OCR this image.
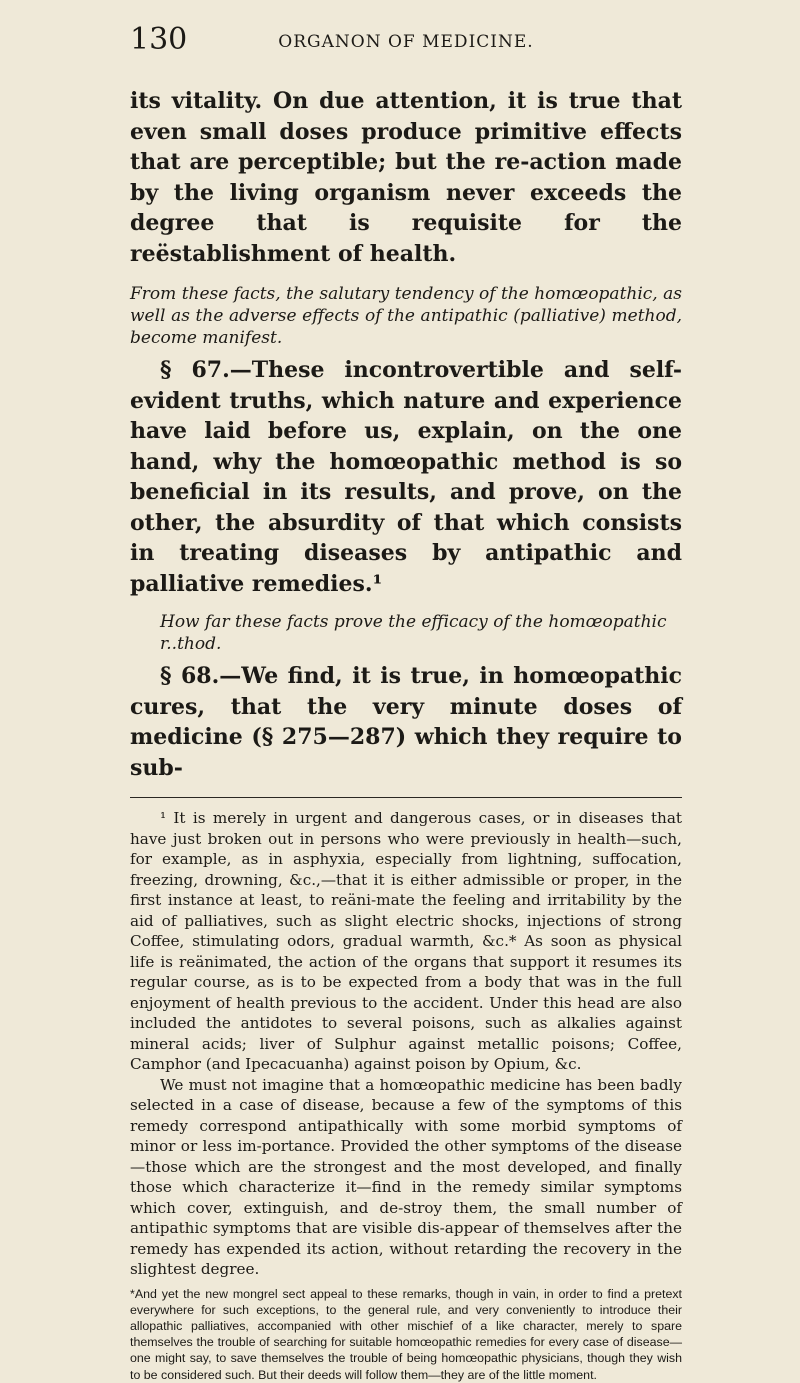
130	ORGANON OF MEDICINE.

its vitality. On due attention, it is true that even small doses produce primitive effects that are perceptible; but the re-action made by the living organism never exceeds the degree that is requisite for the reëstablishment of health.

From these facts, the salutary tendency of the homœopathic, as well as the adverse effects of the antipathic (palliative) method, become manifest.

§ 67.—These incontrovertible and self-evident truths, which nature and experience have laid before us, explain, on the one hand, why the homœopathic method is so beneficial in its results, and prove, on the other, the absurdity of that which consists in treating diseases by antipathic and palliative remedies.¹

How far these facts prove the efficacy of the homœopathic r..thod.

§ 68.—We find, it is true, in homœopathic cures, that the very minute doses of medicine (§ 275—287) which they require to sub-

¹ It is merely in urgent and dangerous cases, or in diseases that have just broken out in persons who were previously in health—such, for example, as in asphyxia, especially from lightning, suffocation, freezing, drowning, &c.,—that it is either admissible or proper, in the first instance at least, to reäni-mate the feeling and irritability by the aid of palliatives, such as slight electric shocks, injections of strong Coffee, stimulating odors, gradual warmth, &c.* As soon as physical life is reänimated, the action of the organs that support it resumes its regular course, as is to be expected from a body that was in the full enjoyment of health previous to the accident. Under this head are also included the antidotes to several poisons, such as alkalies against mineral acids; liver of Sulphur against metallic poisons; Coffee, Camphor (and Ipecacuanha) against poison by Opium, &c.

We must not imagine that a homœopathic medicine has been badly selected in a case of disease, because a few of the symptoms of this remedy correspond antipathically with some morbid symptoms of minor or less im-portance. Provided the other symptoms of the disease—those which are the strongest and the most developed, and finally those which characterize it—find in the remedy similar symptoms which cover, extinguish, and de-stroy them, the small number of antipathic symptoms that are visible dis-appear of themselves after the remedy has expended its action, without retarding the recovery in the slightest degree.

*And yet the new mongrel sect appeal to these remarks, though in vain, in order to find a pretext everywhere for such exceptions, to the general rule, and very conveniently to introduce their allopathic palliatives, accompanied with other mischief of a like character, merely to spare themselves the trouble of searching for suitable homœopathic remedies for every case of disease—one might say, to save themselves the trouble of being homœopathic physicians, though they wish to be considered such. But their deeds will follow them—they are of the little moment.
